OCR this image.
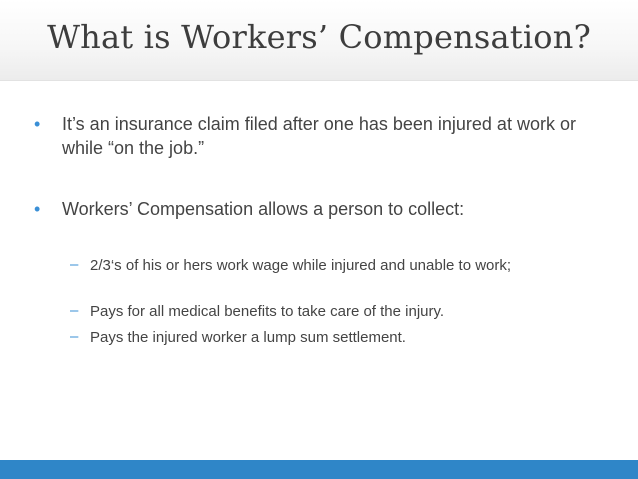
What is Workers’ Compensation?
• It’s an insurance claim filed after one has been injured at work or while “on the job.”
• Workers’ Compensation allows a person to collect:
– 2/3‘s of his or hers work wage while injured and unable to work;
– Pays for all medical benefits to take care of the injury.
– Pays the injured worker a lump sum settlement.
